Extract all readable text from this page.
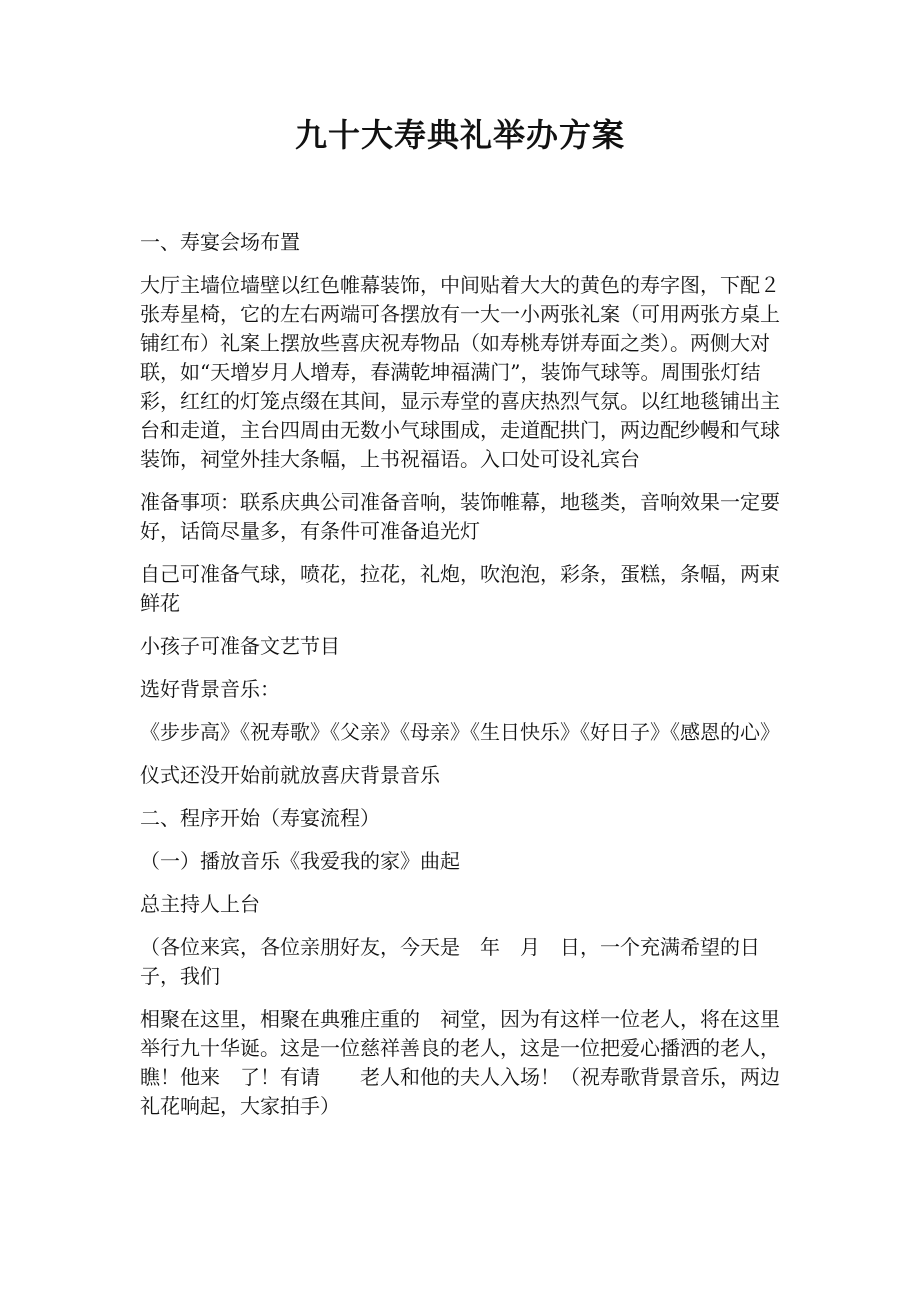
九十大寿典礼举办方案

一、寿宴会场布置

大厅主墙位墙壁以红色帷幕装饰，中间贴着大大的黄色的寿字图，下配２张寿星椅，它的左右两端可各摆放有一大一小两张礼案（可用两张方桌上铺红布）礼案上摆放些喜庆祝寿物品（如寿桃寿饼寿面之类）。两侧大对联，如“天增岁月人增寿，春满乾坤福满门”，装饰气球等。周围张灯结彩，红红的灯笼点缀在其间，显示寿堂的喜庆热烈气氛。以红地毯铺出主台和走道，主台四周由无数小气球围成，走道配拱门，两边配纱幔和气球装饰，祠堂外挂大条幅，上书祝福语。入口处可设礼宾台

准备事项：联系庆典公司准备音响，装饰帷幕，地毯类，音响效果一定要好，话筒尽量多，有条件可准备追光灯

自己可准备气球，喷花，拉花，礼炮，吹泡泡，彩条，蛋糕，条幅，两束鲜花

小孩子可准备文艺节目

选好背景音乐：

《步步高》《祝寿歌》《父亲》《母亲》《生日快乐》《好日子》《感恩的心》

仪式还没开始前就放喜庆背景音乐

二、程序开始（寿宴流程）

（一）播放音乐《我爱我的家》曲起

总主持人上台

（各位来宾，各位亲朋好友，今天是　年　月　日，一个充满希望的日子，我们

相聚在这里，相聚在典雅庄重的　祠堂，因为有这样一位老人，将在这里举行九十华诞。这是一位慈祥善良的老人，这是一位把爱心播洒的老人，瞧！他来　了！有请　　老人和他的夫人入场！（祝寿歌背景音乐，两边礼花响起，大家拍手）
